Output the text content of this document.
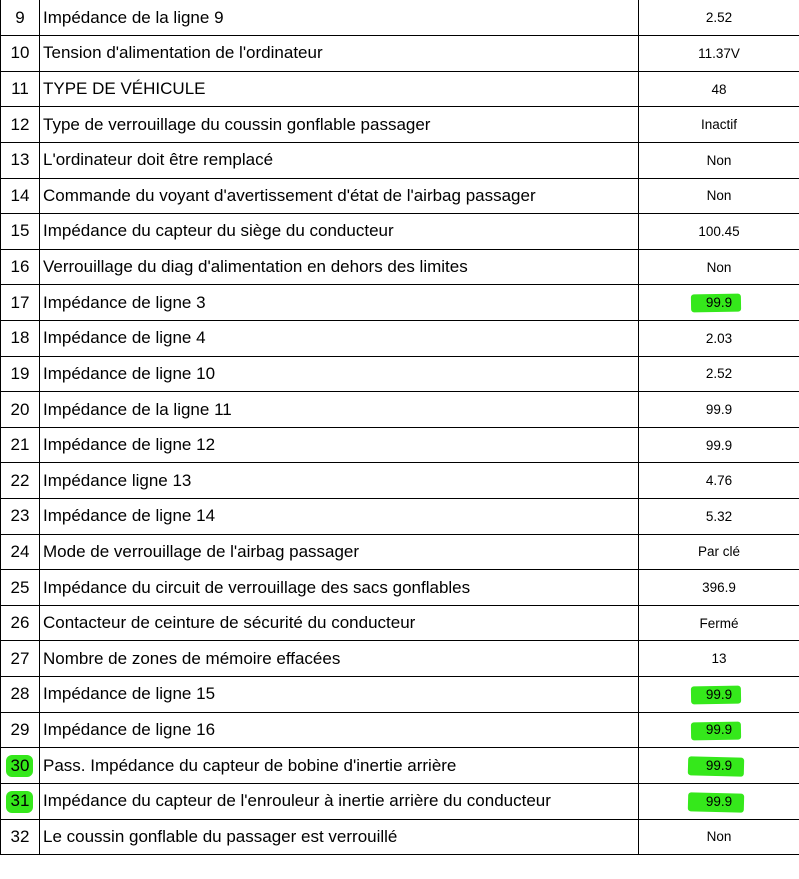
9	Impédance de la ligne 9	2.52
10	Tension d'alimentation de l'ordinateur	11.37V
11	TYPE DE VÉHICULE	48
12	Type de verrouillage du coussin gonflable passager	Inactif
13	L'ordinateur doit être remplacé	Non
14	Commande du voyant d'avertissement d'état de l'airbag passager	Non
15	Impédance du capteur du siège du conducteur	100.45
16	Verrouillage du diag d'alimentation en dehors des limites	Non
17	Impédance de ligne 3	99.9
18	Impédance de ligne 4	2.03
19	Impédance de ligne 10	2.52
20	Impédance de la ligne 11	99.9
21	Impédance de ligne 12	99.9
22	Impédance ligne 13	4.76
23	Impédance de ligne 14	5.32
24	Mode de verrouillage de l'airbag passager	Par clé
25	Impédance du circuit de verrouillage des sacs gonflables	396.9
26	Contacteur de ceinture de sécurité du conducteur	Fermé
27	Nombre de zones de mémoire effacées	13
28	Impédance de ligne 15	99.9
29	Impédance de ligne 16	99.9

30	Pass. Impédance du capteur de bobine d'inertie arrière	99.9

31	Impédance du capteur de l'enrouleur à inertie arrière du conducteur	99.9
32	Le coussin gonflable du passager est verrouillé	Non
